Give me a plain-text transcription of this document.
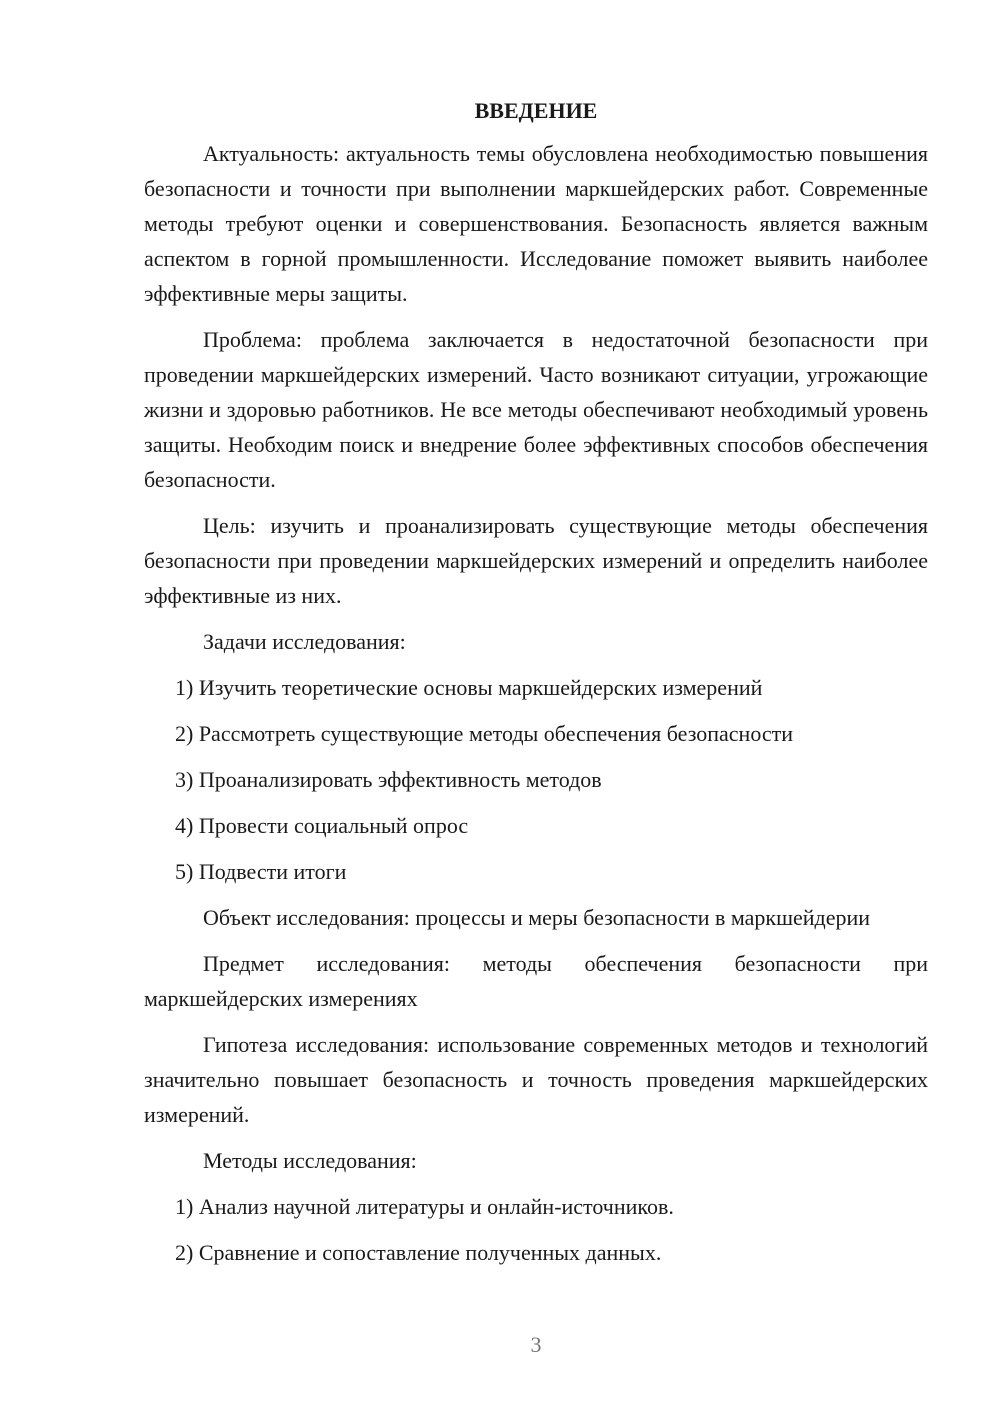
ВВЕДЕНИЕ
Актуальность: актуальность темы обусловлена необходимостью повышения безопасности и точности при выполнении маркшейдерских работ. Современные методы требуют оценки и совершенствования. Безопасность является важным аспектом в горной промышленности. Исследование поможет выявить наиболее эффективные меры защиты.
Проблема: проблема заключается в недостаточной безопасности при проведении маркшейдерских измерений. Часто возникают ситуации, угрожающие жизни и здоровью работников. Не все методы обеспечивают необходимый уровень защиты. Необходим поиск и внедрение более эффективных способов обеспечения безопасности.
Цель: изучить и проанализировать существующие методы обеспечения безопасности при проведении маркшейдерских измерений и определить наиболее эффективные из них.
Задачи исследования:
1) Изучить теоретические основы маркшейдерских измерений
2) Рассмотреть существующие методы обеспечения безопасности
3) Проанализировать эффективность методов
4) Провести социальный опрос
5) Подвести итоги
Объект исследования: процессы и меры безопасности в маркшейдерии
Предмет исследования: методы обеспечения безопасности при маркшейдерских измерениях
Гипотеза исследования: использование современных методов и технологий значительно повышает безопасность и точность проведения маркшейдерских измерений.
Методы исследования:
1) Анализ научной литературы и онлайн-источников.
2) Сравнение и сопоставление полученных данных.
3
